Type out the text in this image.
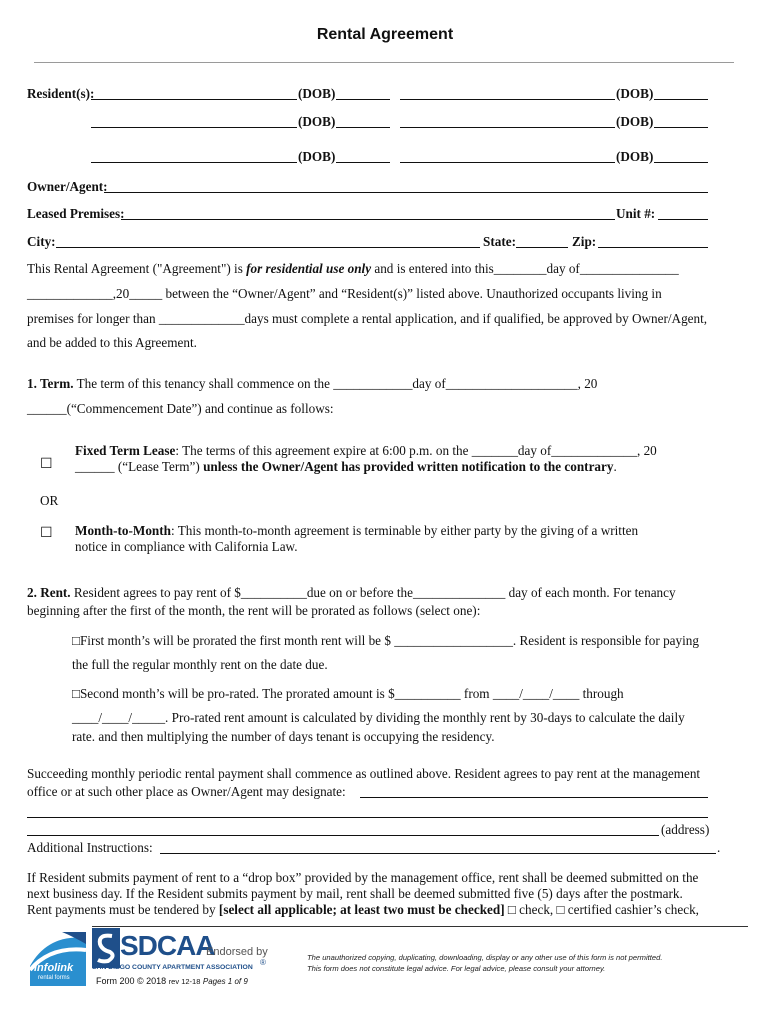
Rental Agreement
Resident(s):	(DOB)	(DOB)
(DOB)	(DOB)
(DOB)	(DOB)
Owner/Agent:
Leased Premises:	Unit #:
City:	State:	Zip:
This Rental Agreement ("Agreement") is for residential use only and is entered into this________day of_______________
_____________,20_____ between the “Owner/Agent” and “Resident(s)” listed above. Unauthorized occupants living in
premises for longer than _____________days must complete a rental application, and if qualified, be approved by Owner/Agent,
and be added to this Agreement.
1. Term. The term of this tenancy shall commence on the ____________day of____________________, 20
______(“Commencement Date”) and continue as follows:
☐
Fixed Term Lease: The terms of this agreement expire at 6:00 p.m. on the _______day of_____________, 20
______ (“Lease Term”) unless the Owner/Agent has provided written notification to the contrary.
OR
☐ Month-to-Month: This month-to-month agreement is terminable by either party by the giving of a written
notice in compliance with California Law.
2. Rent. Resident agrees to pay rent of $__________due on or before the______________ day of each month. For tenancy
beginning after the first of the month, the rent will be prorated as follows (select one):
□First month’s will be prorated the first month rent will be $ __________________. Resident is responsible for paying
the full the regular monthly rent on the date due.
□Second month’s will be pro-rated. The prorated amount is $__________ from ____/____/____ through
____/____/_____. Pro-rated rent amount is calculated by dividing the monthly rent by 30-days to calculate the daily
rate. and then multiplying the number of days tenant is occupying the residency.
Succeeding monthly periodic rental payment shall commence as outlined above. Resident agrees to pay rent at the management
office or at such other place as Owner/Agent may designate:
(address)
Additional Instructions:	.
If Resident submits payment of rent to a “drop box” provided by the management office, rent shall be deemed submitted on the
next business day. If the Resident submits payment by mail, rent shall be deemed submitted five (5) days after the postmark.
Rent payments must be tendered by [select all applicable; at least two must be checked] □ check, □ certified cashier’s check,
infolink
rental forms
SDCAA
Endorsed by
SAN DIEGO COUNTY APARTMENT ASSOCIATION
®
The unauthorized copying, duplicating, downloading, display or any other use of this form is not permitted.
This form does not constitute legal advice. For legal advice, please consult your attorney.
Form 200 © 2018 rev 12-18 Pages 1 of 9
